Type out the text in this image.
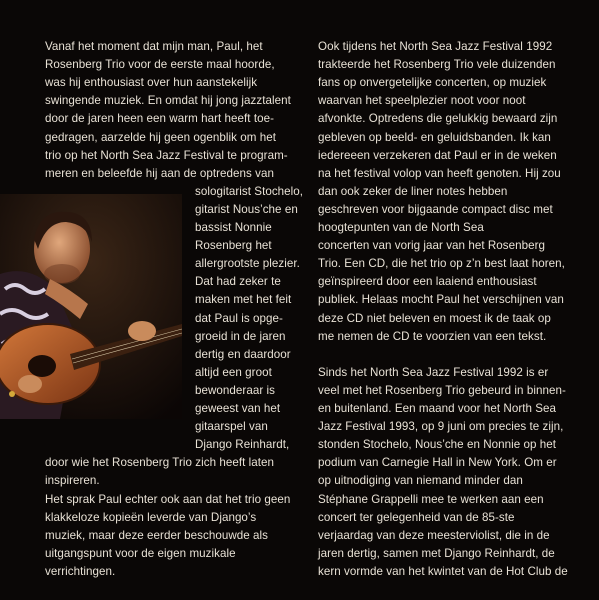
Vanaf het moment dat mijn man, Paul, het
Rosenberg Trio voor de eerste maal hoorde,
was hij enthousiast over hun aanstekelijk
swingende muziek. En omdat hij jong jazztalent
door de jaren heen een warm hart heeft toe-
gedragen, aarzelde hij geen ogenblik om het
trio op het North Sea Jazz Festival te program-
meren en beleefde hij aan de optredens van
sologitarist Stochelo,
gitarist Nous’che en
bassist Nonnie
Rosenberg het
allergrootste plezier.
Dat had zeker te
maken met het feit
dat Paul is opge-
groeid in de jaren
dertig en daardoor
altijd een groot
bewonderaar is
geweest van het
gitaarspel van
Django Reinhardt,
door wie het Rosenberg Trio zich heeft laten
inspireren.
Het sprak Paul echter ook aan dat het trio geen
klakkeloze kopieën leverde van Django’s
muziek, maar deze eerder beschouwde als
uitgangspunt voor de eigen muzikale
verrichtingen.
Ook tijdens het North Sea Jazz Festival 1992
trakteerde het Rosenberg Trio vele duizenden
fans op onvergetelijke concerten, op muziek
waarvan het speelplezier noot voor noot
afvonkte. Optredens die gelukkig bewaard zijn
gebleven op beeld- en geluidsbanden. Ik kan
iedereeen verzekeren dat Paul er in de weken
na het festival volop van heeft genoten. Hij zou
dan ook zeker de liner notes hebben
geschreven voor bijgaande compact disc met
hoogtepunten van de North Sea
concerten van vorig jaar van het Rosenberg
Trio. Een CD, die het trio op z’n best laat horen,
geïnspireerd door een laaiend enthousiast
publiek. Helaas mocht Paul het verschijnen van
deze CD niet beleven en moest ik de taak op
me nemen de CD te voorzien van een tekst.
Sinds het North Sea Jazz Festival 1992 is er
veel met het Rosenberg Trio gebeurd in binnen-
en buitenland. Een maand voor het North Sea
Jazz Festival 1993, op 9 juni om precies te zijn,
stonden Stochelo, Nous’che en Nonnie op het
podium van Carnegie Hall in New York. Om er
op uitnodiging van niemand minder dan
Stéphane Grappelli mee te werken aan een
concert ter gelegenheid van de 85-ste
verjaardag van deze meesterviolist, die in de
jaren dertig, samen met Django Reinhardt, de
kern vormde van het kwintet van de Hot Club de
